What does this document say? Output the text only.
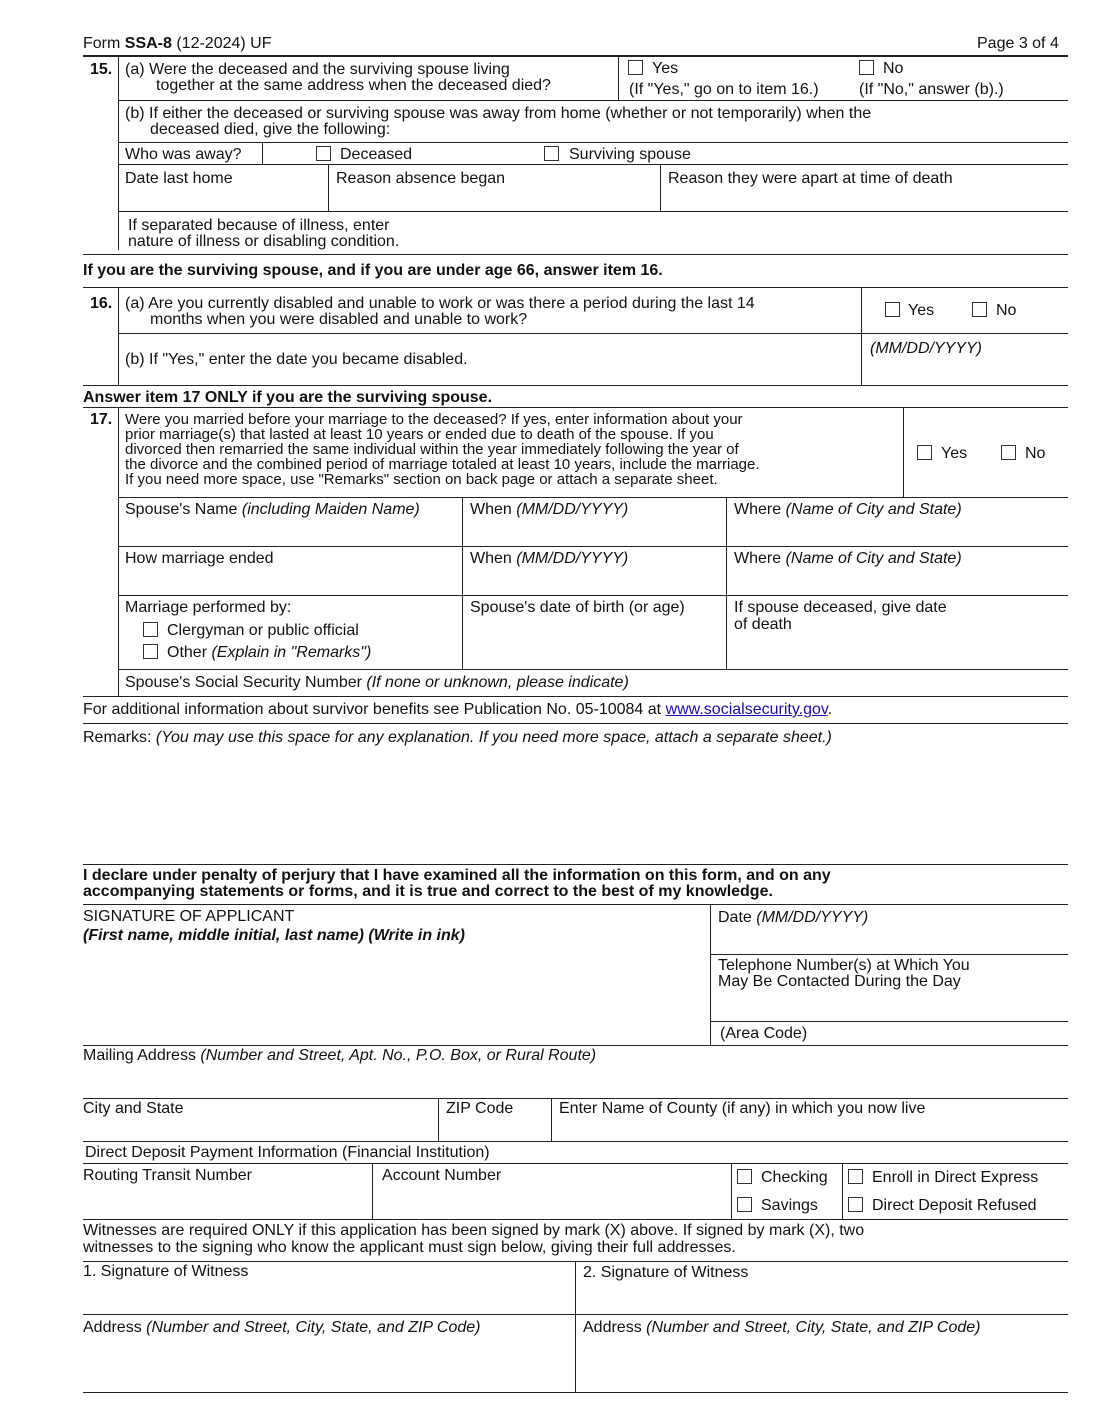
Form SSA-8 (12-2024) UF	Page 3 of 4
15. (a) Were the deceased and the surviving spouse living
together at the same address when the deceased died?
Yes	No
(If "Yes," go on to item 16.)	(If "No," answer (b).)
(b) If either the deceased or surviving spouse was away from home (whether or not temporarily) when the
deceased died, give the following:
Who was away?	Deceased	Surviving spouse
Date last home	Reason absence began	Reason they were apart at time of death
If separated because of illness, enter
nature of illness or disabling condition.
If you are the surviving spouse, and if you are under age 66, answer item 16.
16. (a) Are you currently disabled and unable to work or was there a period during the last 14
months when you were disabled and unable to work?
Yes	No
(b) If "Yes," enter the date you became disabled.
(MM/DD/YYYY)
Answer item 17 ONLY if you are the surviving spouse.
17. Were you married before your marriage to the deceased? If yes, enter information about your
prior marriage(s) that lasted at least 10 years or ended due to death of the spouse. If you
divorced then remarried the same individual within the year immediately following the year of
the divorce and the combined period of marriage totaled at least 10 years, include the marriage.
If you need more space, use "Remarks" section on back page or attach a separate sheet.
Yes	No
Spouse's Name (including Maiden Name)	When (MM/DD/YYYY)	Where (Name of City and State)
How marriage ended	When (MM/DD/YYYY)	Where (Name of City and State)
Marriage performed by:
Clergyman or public official
Other (Explain in "Remarks")
Spouse's date of birth (or age)	If spouse deceased, give date
of death
Spouse's Social Security Number (If none or unknown, please indicate)
For additional information about survivor benefits see Publication No. 05-10084 at www.socialsecurity.gov.
Remarks: (You may use this space for any explanation. If you need more space, attach a separate sheet.)
I declare under penalty of perjury that I have examined all the information on this form, and on any
accompanying statements or forms, and it is true and correct to the best of my knowledge.
SIGNATURE OF APPLICANT
(First name, middle initial, last name) (Write in ink)
Date (MM/DD/YYYY)
Telephone Number(s) at Which You
May Be Contacted During the Day
(Area Code)
Mailing Address (Number and Street, Apt. No., P.O. Box, or Rural Route)
City and State	ZIP Code	Enter Name of County (if any) in which you now live
Direct Deposit Payment Information (Financial Institution)
Routing Transit Number	Account Number	Checking
Savings
Enroll in Direct Express
Direct Deposit Refused
Witnesses are required ONLY if this application has been signed by mark (X) above. If signed by mark (X), two
witnesses to the signing who know the applicant must sign below, giving their full addresses.
1. Signature of Witness	2. Signature of Witness
Address (Number and Street, City, State, and ZIP Code)	Address (Number and Street, City, State, and ZIP Code)
